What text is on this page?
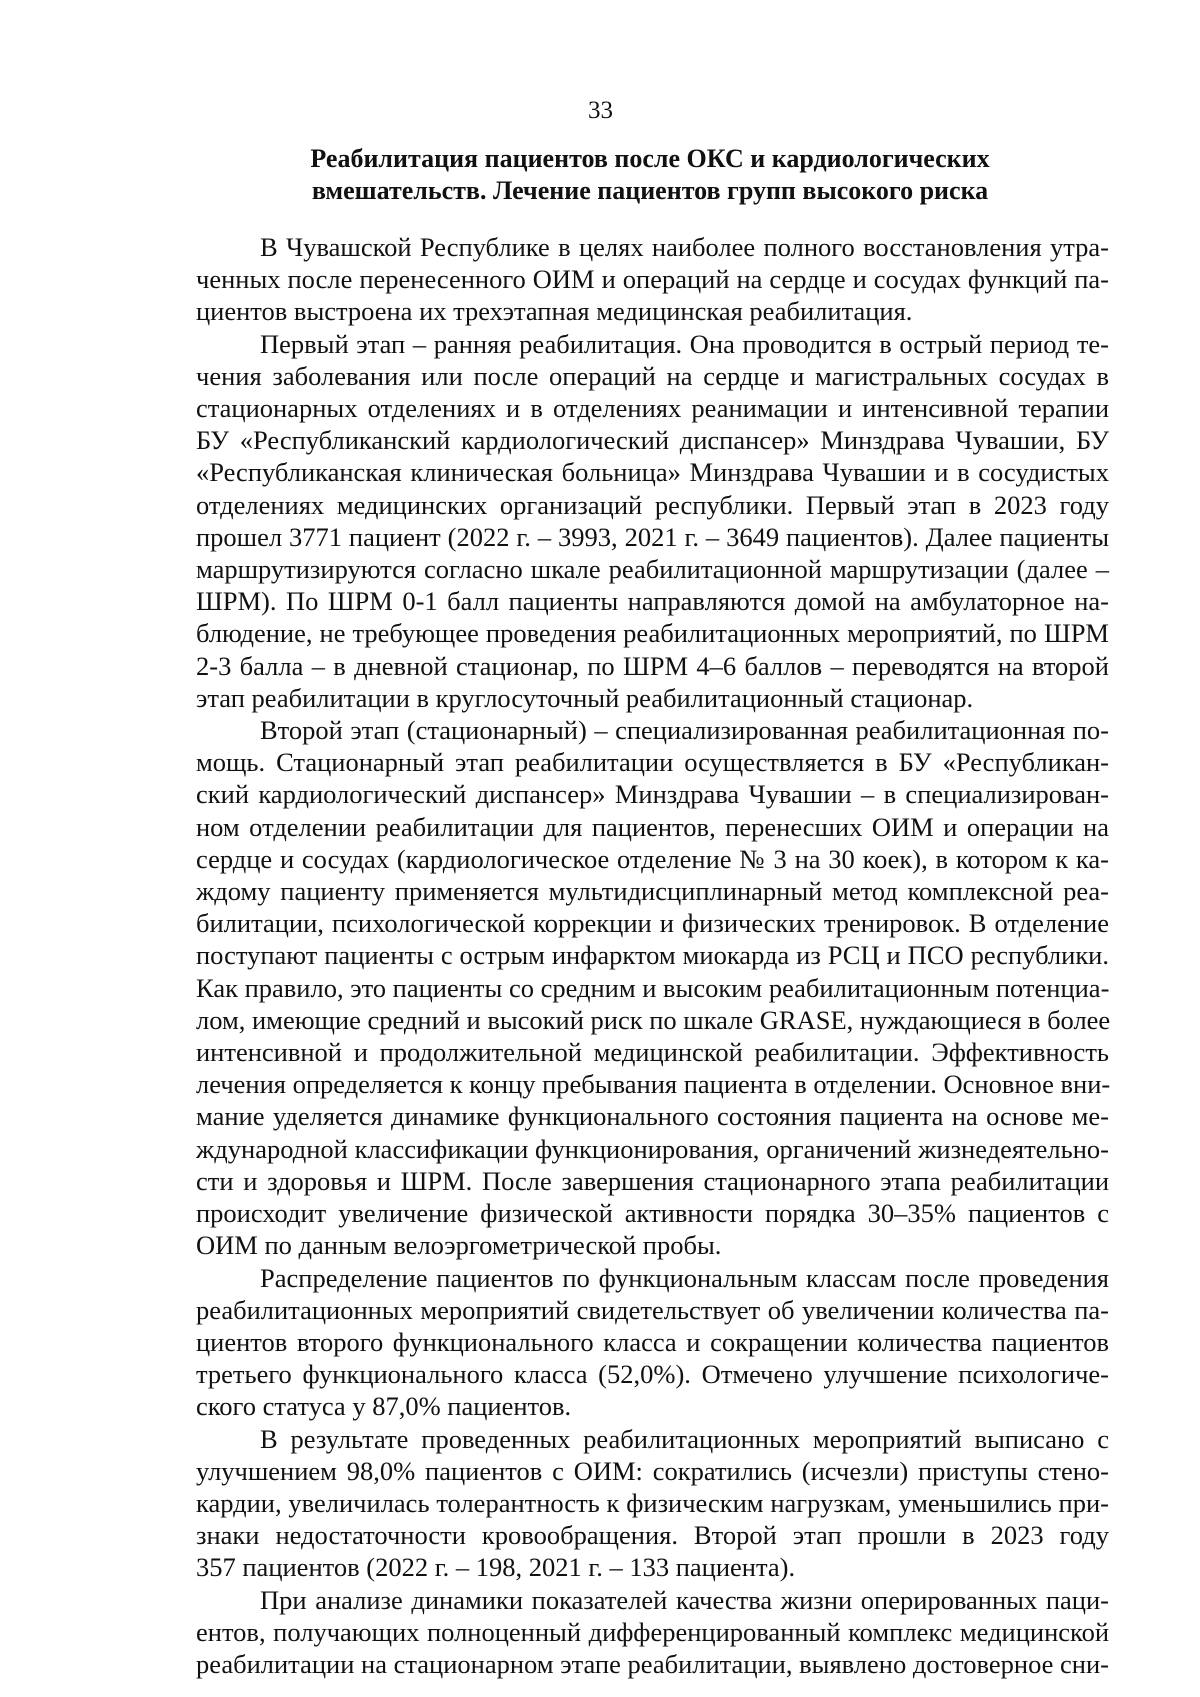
33
Реабилитация пациентов после ОКС и кардиологических
вмешательств. Лечение пациентов групп высокого риска
В Чувашской Республике в целях наиболее полного восстановления утра-
ченных после перенесенного ОИМ и операций на сердце и сосудах функций па-
циентов выстроена их трехэтапная медицинская реабилитация.
Первый этап – ранняя реабилитация. Она проводится в острый период те-
чения заболевания или после операций на сердце и магистральных сосудах в
стационарных отделениях и в отделениях реанимации и интенсивной терапии
БУ «Республиканский кардиологический диспансер» Минздрава Чувашии, БУ
«Республиканская клиническая больница» Минздрава Чувашии и в сосудистых
отделениях медицинских организаций республики. Первый этап в 2023 году
прошел 3771 пациент (2022 г. – 3993, 2021 г. – 3649 пациентов). Далее пациенты
маршрутизируются согласно шкале реабилитационной маршрутизации (далее –
ШРМ). По ШРМ 0-1 балл пациенты направляются домой на амбулаторное на-
блюдение, не требующее проведения реабилитационных мероприятий, по ШРМ
2-3 балла – в дневной стационар, по ШРМ 4–6 баллов – переводятся на второй
этап реабилитации в круглосуточный реабилитационный стационар.
Второй этап (стационарный) – специализированная реабилитационная по-
мощь. Стационарный этап реабилитации осуществляется в БУ «Республикан-
ский кардиологический диспансер» Минздрава Чувашии – в специализирован-
ном отделении реабилитации для пациентов, перенесших ОИМ и операции на
сердце и сосудах (кардиологическое отделение № 3 на 30 коек), в котором к ка-
ждому пациенту применяется мультидисциплинарный метод комплексной реа-
билитации, психологической коррекции и физических тренировок. В отделение
поступают пациенты с острым инфарктом миокарда из РСЦ и ПСО республики.
Как правило, это пациенты со средним и высоким реабилитационным потенциа-
лом, имеющие средний и высокий риск по шкале GRASE, нуждающиеся в более
интенсивной и продолжительной медицинской реабилитации. Эффективность
лечения определяется к концу пребывания пациента в отделении. Основное вни-
мание уделяется динамике функционального состояния пациента на основе ме-
ждународной классификации функционирования, органичений жизнедеятельно-
сти и здоровья и ШРМ. После завершения стационарного этапа реабилитации
происходит увеличение физической активности порядка 30–35% пациентов с
ОИМ по данным велоэргометрической пробы.
Распределение пациентов по функциональным классам после проведения
реабилитационных мероприятий свидетельствует об увеличении количества па-
циентов второго функционального класса и сокращении количества пациентов
третьего функционального класса (52,0%). Отмечено улучшение психологиче-
ского статуса у 87,0% пациентов.
В результате проведенных реабилитационных мероприятий выписано с
улучшением 98,0% пациентов с ОИМ: сократились (исчезли) приступы стено-
кардии, увеличилась толерантность к физическим нагрузкам, уменьшились при-
знаки недостаточности кровообращения. Второй этап прошли в 2023 году
357 пациентов (2022 г. – 198, 2021 г. – 133 пациента).
При анализе динамики показателей качества жизни оперированных паци-
ентов, получающих полноценный дифференцированный комплекс медицинской
реабилитации на стационарном этапе реабилитации, выявлено достоверное сни-
